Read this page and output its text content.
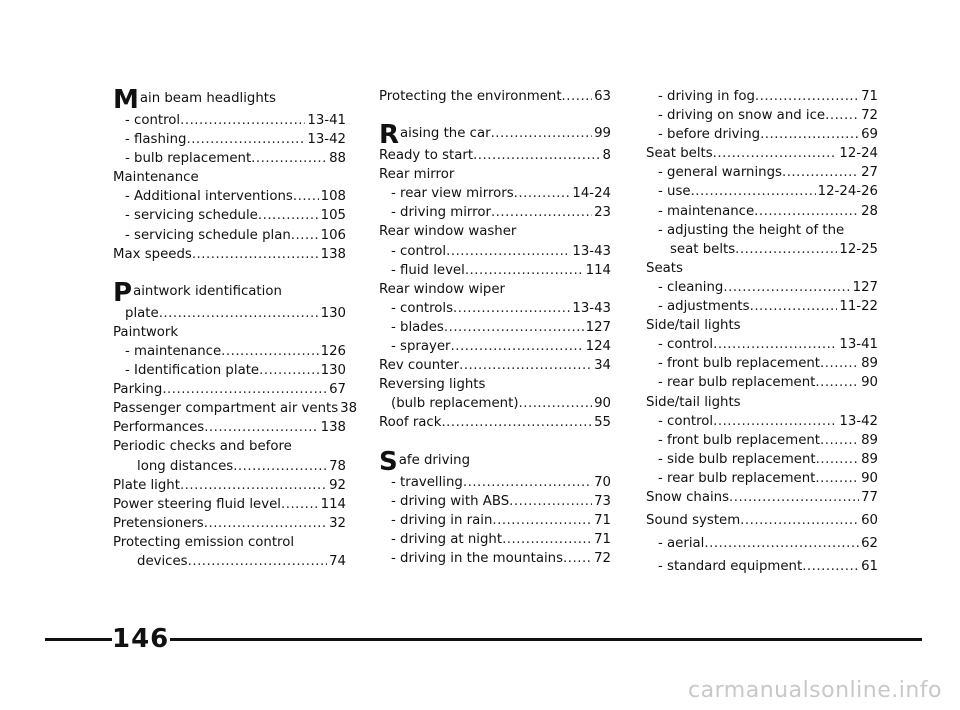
M ain beam headlights
- control .....	13-41
- flashing .....	13-42
- bulb replacement .....	88
Maintenance
- Additional interventions ..... 108
- servicing schedule .....	105
- servicing schedule plan ..... 106
Max speeds .....	138
P aintwork identification
plate .....	130
Paintwork
- maintenance .....	126
- Identification plate .....	130
Parking .....	67
Passenger compartment air vents 38
Performances .....	138
Periodic checks and before
long distances .....	78
Plate light .....	92
Power steering fluid level .....	114
Pretensioners .....	32
Protecting emission control
devices .....	74
Protecting the environment ..... 63
R aising the car .....	99
Ready to start .....	8
Rear mirror
- rear view mirrors .....	14-24
- driving mirror .....	23
Rear window washer
- control .....	13-43
- fluid level .....	114
Rear window wiper
- controls .....	13-43
- blades .....	127
- sprayer .....	124
Rev counter .....	34
Reversing lights
(bulb replacement) .....	90
Roof rack .....	55
S afe driving
- travelling .....	70
- driving with ABS .....	73
- driving in rain .....	71
- driving at night .....	71
- driving in the mountains ..... 72
- driving in fog .....	71
- driving on snow and ice .....	72
- before driving .....	69
Seat belts .....	12-24
- general warnings .....	27
- use .....	12-24-26
- maintenance .....	28
- adjusting the height of the
seat belts .....	12-25
Seats
- cleaning .....	127
- adjustments .....	11-22
Side/tail lights
- control .....	13-41
- front bulb replacement .....	89
- rear bulb replacement .....	90
Side/tail lights
- control .....	13-42
- front bulb replacement .....	89
- side bulb replacement .....	89
- rear bulb replacement .....	90
Snow chains .....	77
Sound system .....	60
- aerial .....	62
- standard equipment .....	61
146
carmanualsonline.info
